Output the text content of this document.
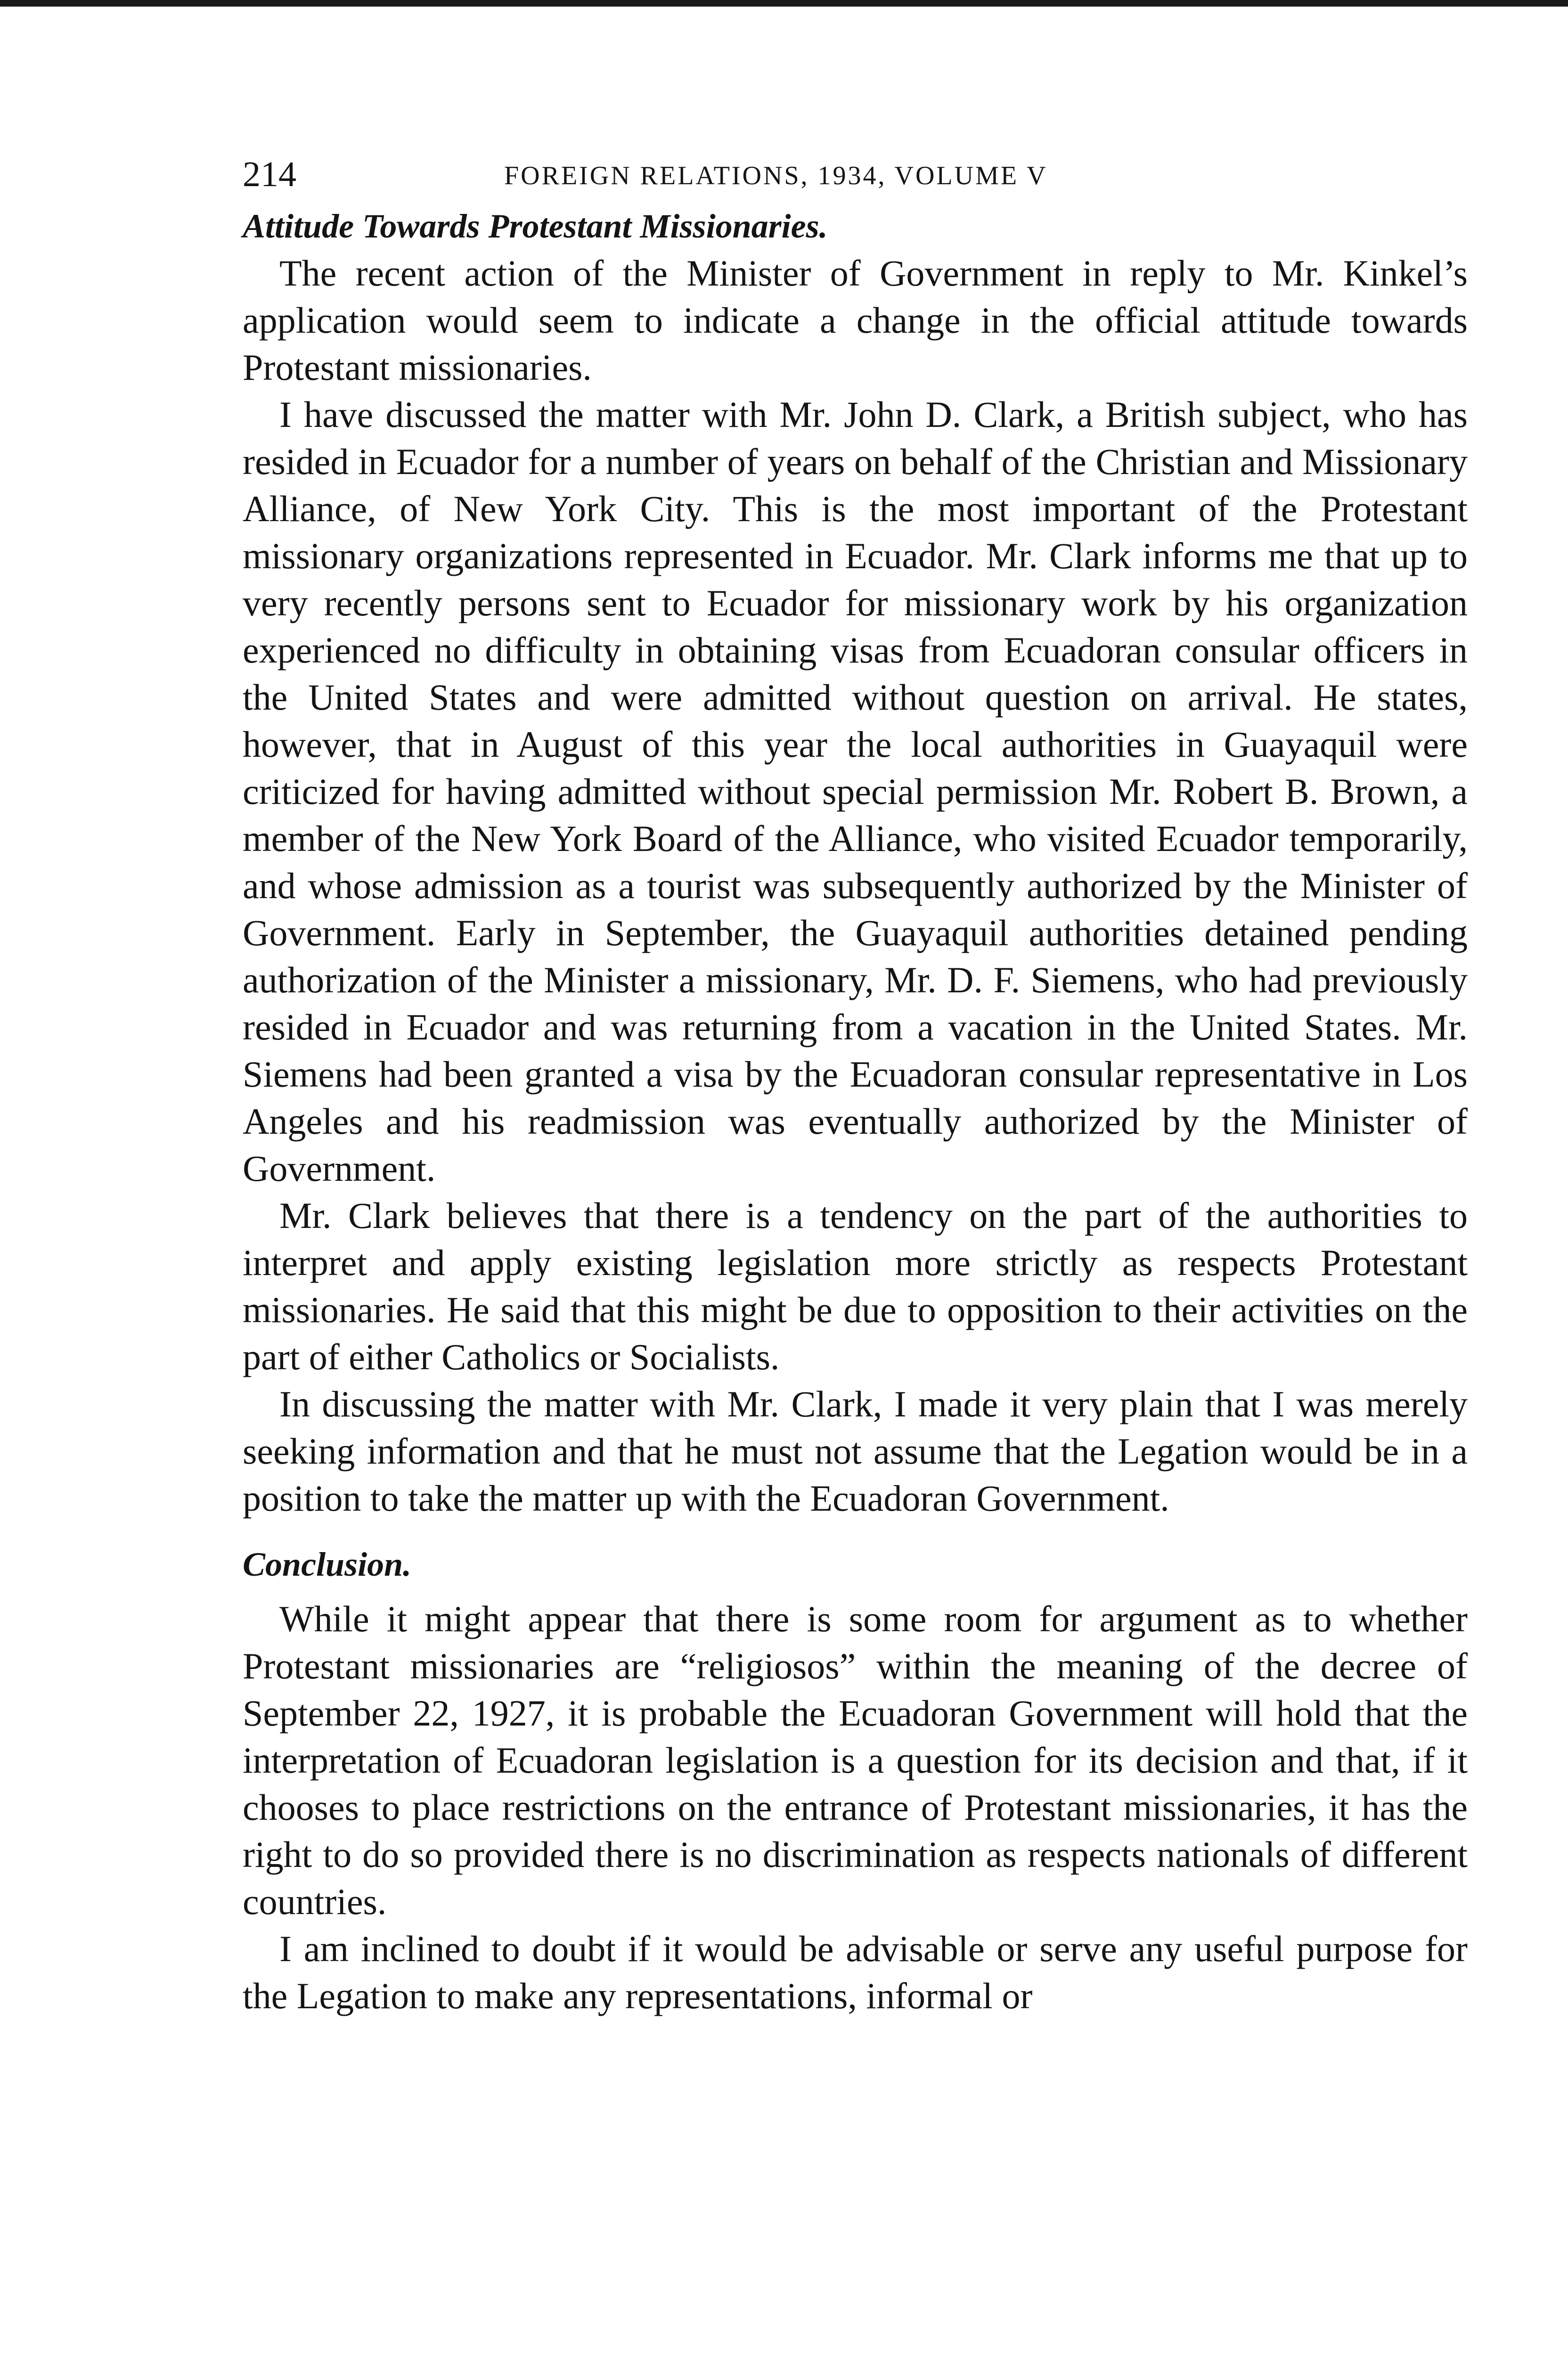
214	FOREIGN RELATIONS, 1934, VOLUME V
Attitude Towards Protestant Missionaries.

The recent action of the Minister of Government in reply to Mr. Kinkel’s application would seem to indicate a change in the official attitude towards Protestant missionaries.

I have discussed the matter with Mr. John D. Clark, a British subject, who has resided in Ecuador for a number of years on behalf of the Christian and Missionary Alliance, of New York City. This is the most important of the Protestant missionary organizations represented in Ecuador. Mr. Clark informs me that up to very recently persons sent to Ecuador for missionary work by his organization experienced no difficulty in obtaining visas from Ecuadoran consular officers in the United States and were admitted without question on arrival. He states, however, that in August of this year the local authorities in Guayaquil were criticized for having admitted without special permission Mr. Robert B. Brown, a member of the New York Board of the Alliance, who visited Ecuador temporarily, and whose admission as a tourist was subsequently authorized by the Minister of Government. Early in September, the Guayaquil authorities detained pending authorization of the Minister a missionary, Mr. D. F. Siemens, who had previously resided in Ecuador and was returning from a vacation in the United States. Mr. Siemens had been granted a visa by the Ecuadoran consular representative in Los Angeles and his readmission was eventually authorized by the Minister of Government.

Mr. Clark believes that there is a tendency on the part of the authorities to interpret and apply existing legislation more strictly as respects Protestant missionaries. He said that this might be due to opposition to their activities on the part of either Catholics or Socialists.

In discussing the matter with Mr. Clark, I made it very plain that I was merely seeking information and that he must not assume that the Legation would be in a position to take the matter up with the Ecuadoran Government.

Conclusion.

While it might appear that there is some room for argument as to whether Protestant missionaries are “religiosos” within the meaning of the decree of September 22, 1927, it is probable the Ecuadoran Government will hold that the interpretation of Ecuadoran legislation is a question for its decision and that, if it chooses to place restrictions on the entrance of Protestant missionaries, it has the right to do so provided there is no discrimination as respects nationals of different countries.

I am inclined to doubt if it would be advisable or serve any useful purpose for the Legation to make any representations, informal or
